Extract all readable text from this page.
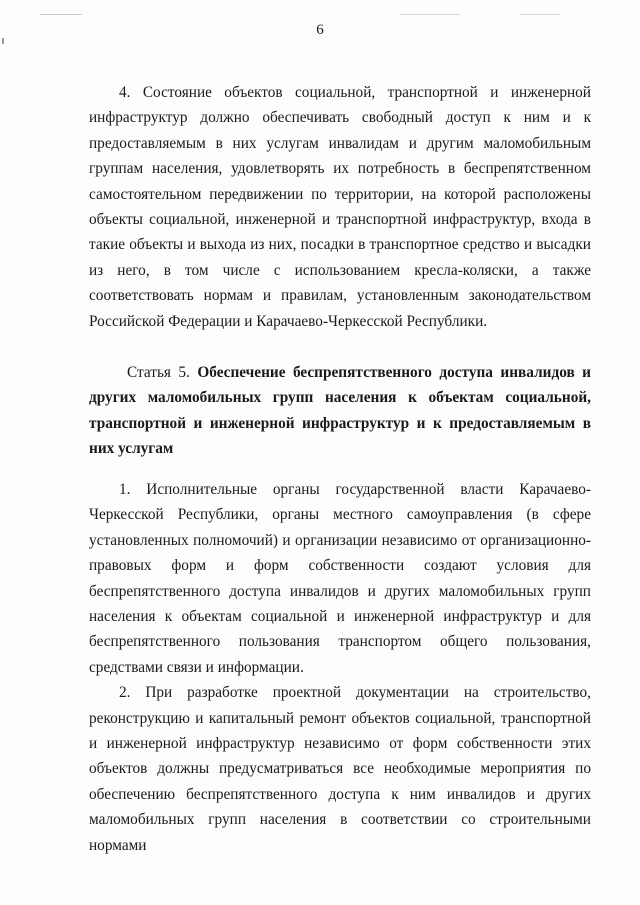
6

4. Состояние объектов социальной, транспортной и инженерной инфраструктур должно обеспечивать свободный доступ к ним и к предоставляемым в них услугам инвалидам и другим маломобильным группам населения, удовлетворять их потребность в беспрепятственном самостоятельном передвижении по территории, на которой расположены объекты социальной, инженерной и транспортной инфраструктур, входа в такие объекты и выхода из них, посадки в транспортное средство и высадки из него, в том числе с использованием кресла-коляски, а также соответствовать нормам и правилам, установленным законодательством Российской Федерации и Карачаево-Черкесской Республики.

Статья 5. Обеспечение беспрепятственного доступа инвалидов и других маломобильных групп населения к объектам социальной, транспортной и инженерной инфраструктур и к предоставляемым в них услугам

1. Исполнительные органы государственной власти Карачаево-Черкесской Республики, органы местного самоуправления (в сфере установленных полномочий) и организации независимо от организационно-правовых форм и форм собственности создают условия для беспрепятственного доступа инвалидов и других маломобильных групп населения к объектам социальной и инженерной инфраструктур и для беспрепятственного пользования транспортом общего пользования, средствами связи и информации.

2. При разработке проектной документации на строительство, реконструкцию и капитальный ремонт объектов социальной, транспортной и инженерной инфраструктур независимо от форм собственности этих объектов должны предусматриваться все необходимые мероприятия по обеспечению беспрепятственного доступа к ним инвалидов и других маломобильных групп населения в соответствии со строительными нормами
